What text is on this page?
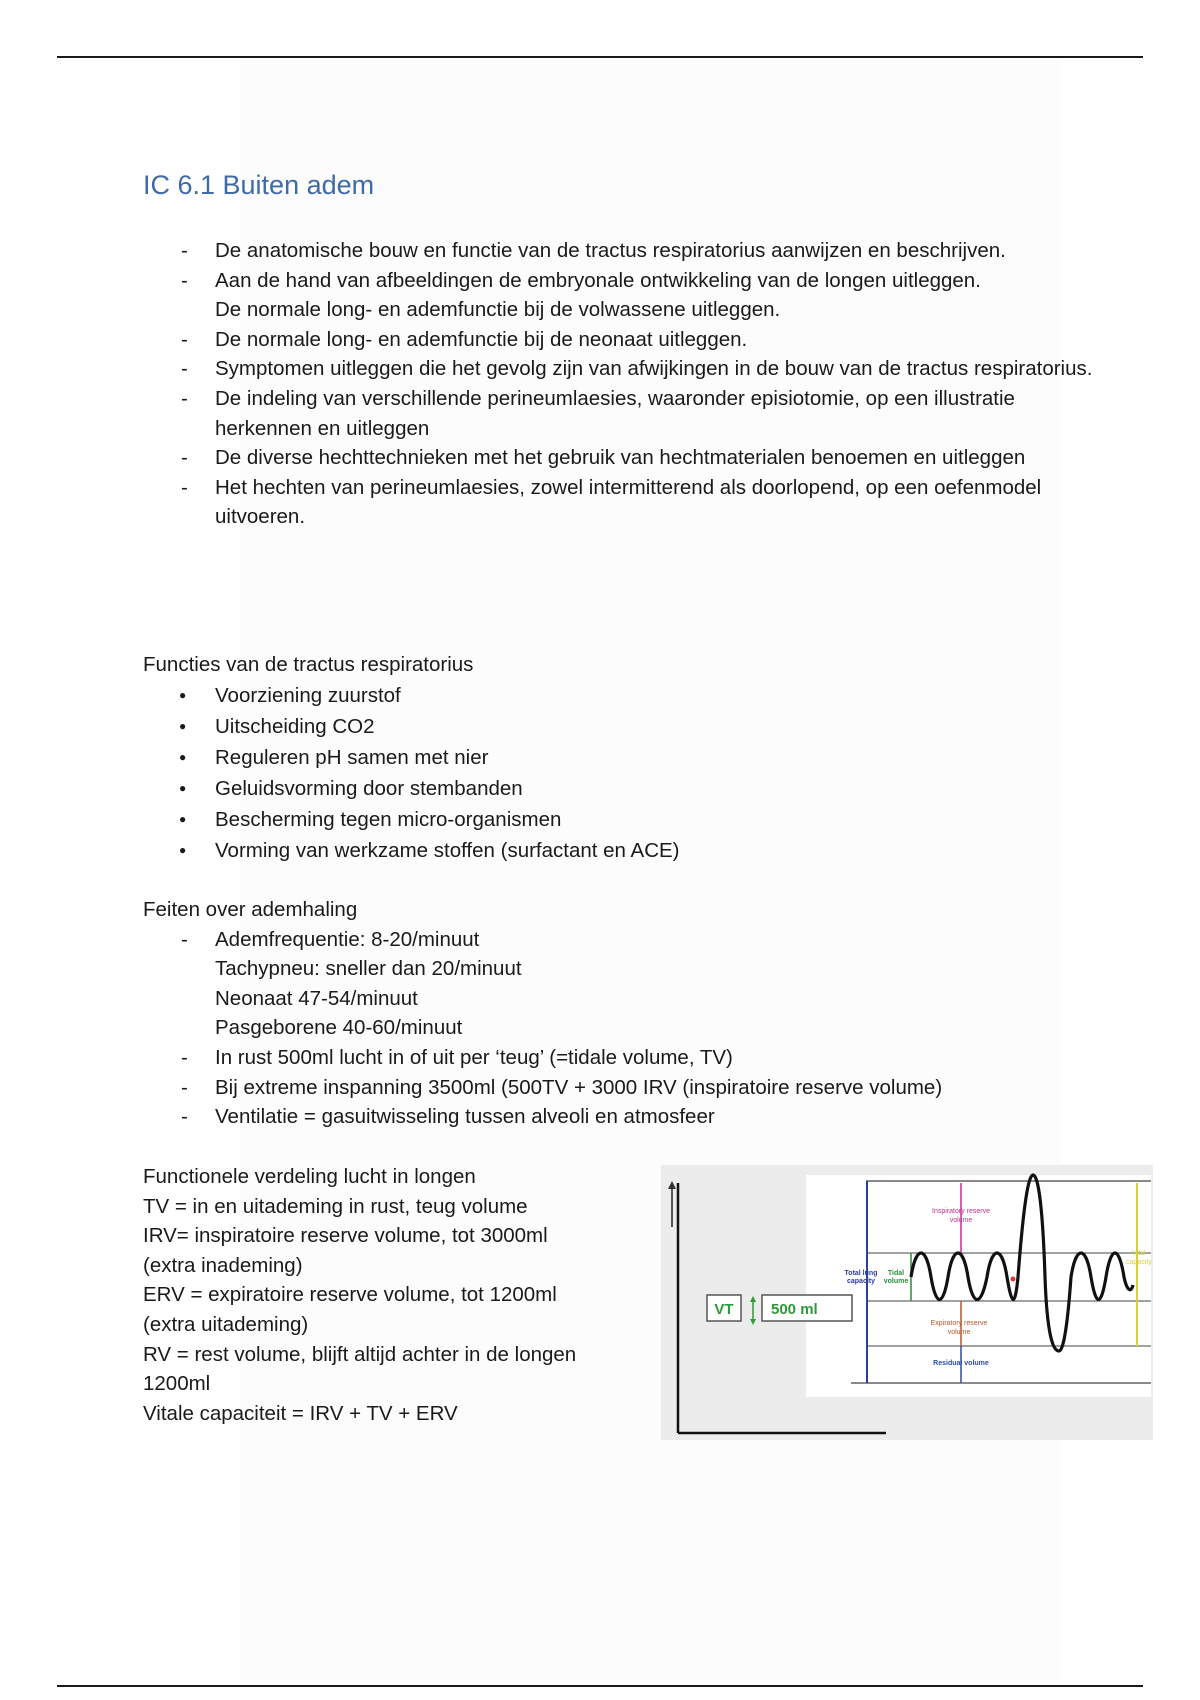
IC 6.1 Buiten adem
- De anatomische bouw en functie van de tractus respiratorius aanwijzen en beschrijven.
- Aan de hand van afbeeldingen de embryonale ontwikkeling van de longen uitleggen.
De normale long- en ademfunctie bij de volwassene uitleggen.
- De normale long- en ademfunctie bij de neonaat uitleggen.
- Symptomen uitleggen die het gevolg zijn van afwijkingen in de bouw van de tractus respiratorius.
- De indeling van verschillende perineumlaesies, waaronder episiotomie, op een illustratie herkennen en uitleggen
- De diverse hechttechnieken met het gebruik van hechtmaterialen benoemen en uitleggen
- Het hechten van perineumlaesies, zowel intermitterend als doorlopend, op een oefenmodel uitvoeren.

Functies van de tractus respiratorius

● Voorziening zuurstof
● Uitscheiding CO2
● Reguleren pH samen met nier
● Geluidsvorming door stembanden
● Bescherming tegen micro-organismen
● Vorming van werkzame stoffen (surfactant en ACE)

Feiten over ademhaling

- Ademfrequentie: 8-20/minuut
Tachypneu: sneller dan 20/minuut
Neonaat 47-54/minuut
Pasgeborene 40-60/minuut
- In rust 500ml lucht in of uit per ‘teug’ (=tidale volume, TV)
- Bij extreme inspanning 3500ml (500TV + 3000 IRV (inspiratoire reserve volume)
- Ventilatie = gasuitwisseling tussen alveoli en atmosfeer

Functionele verdeling lucht in longen

TV = in en uitademing in rust, teug volume

IRV= inspiratoire reserve volume, tot 3000ml

(extra inademing)

ERV = expiratoire reserve volume, tot 1200ml

(extra uitademing)

RV = rest volume, blijft altijd achter in de longen

1200ml

Vitale capaciteit = IRV + TV + ERV

Inspiratory reserve
volume
Total lung
capacity
Tidal
volume
Vital
capacity
Expiratory reserve
volume
Residual volume
VT 500 ml
